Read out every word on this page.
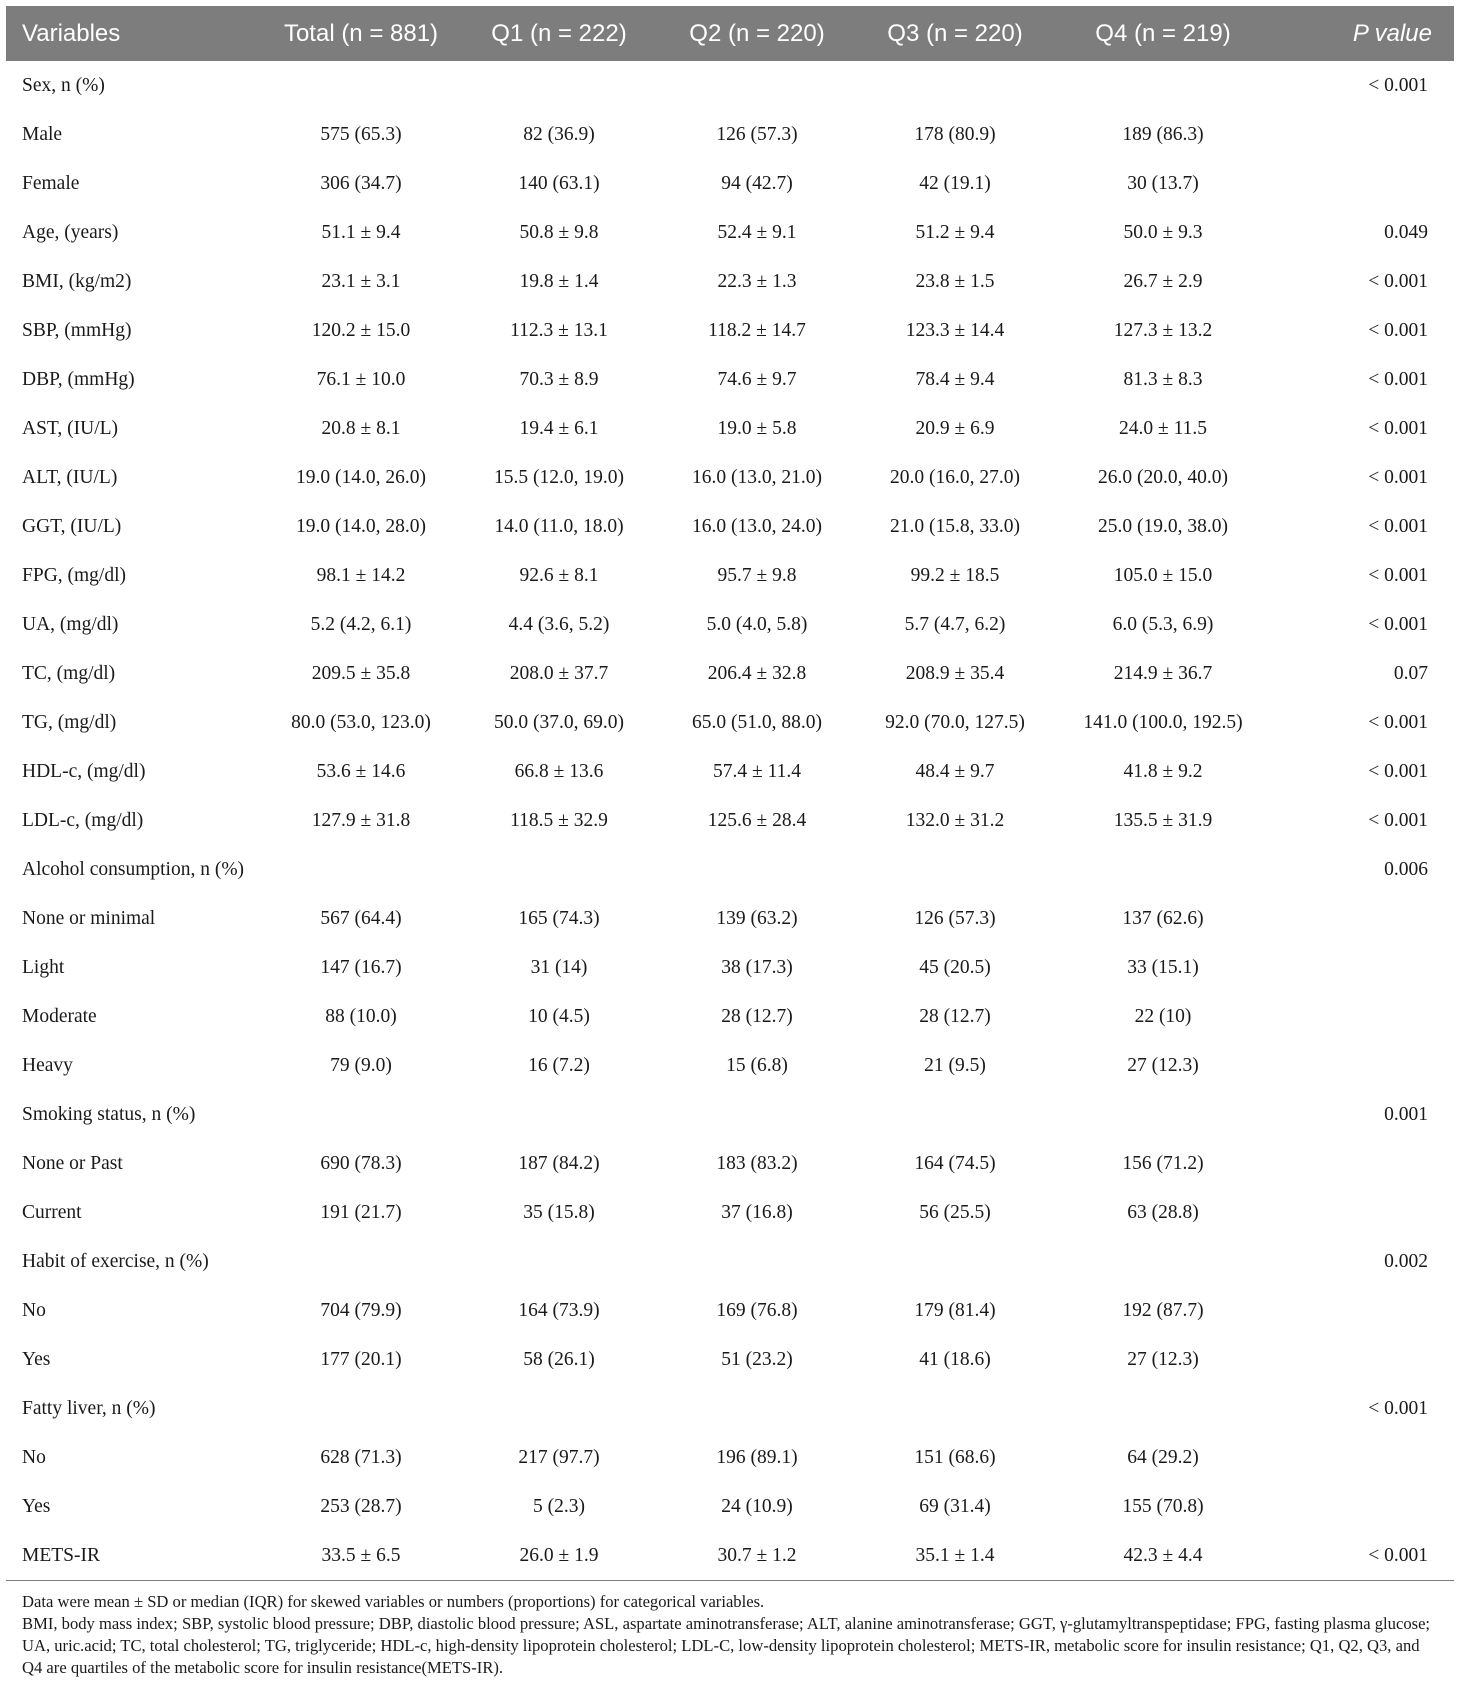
Variables	Total (n = 881)	Q1 (n = 222)	Q2 (n = 220)	Q3 (n = 220)	Q4 (n = 219)	P value
Sex, n (%)						< 0.001
Male	575 (65.3)	82 (36.9)	126 (57.3)	178 (80.9)	189 (86.3)	
Female	306 (34.7)	140 (63.1)	94 (42.7)	42 (19.1)	30 (13.7)	
Age, (years)	51.1 ± 9.4	50.8 ± 9.8	52.4 ± 9.1	51.2 ± 9.4	50.0 ± 9.3	0.049
BMI, (kg/m2)	23.1 ± 3.1	19.8 ± 1.4	22.3 ± 1.3	23.8 ± 1.5	26.7 ± 2.9	< 0.001
SBP, (mmHg)	120.2 ± 15.0	112.3 ± 13.1	118.2 ± 14.7	123.3 ± 14.4	127.3 ± 13.2	< 0.001
DBP, (mmHg)	76.1 ± 10.0	70.3 ± 8.9	74.6 ± 9.7	78.4 ± 9.4	81.3 ± 8.3	< 0.001
AST, (IU/L)	20.8 ± 8.1	19.4 ± 6.1	19.0 ± 5.8	20.9 ± 6.9	24.0 ± 11.5	< 0.001
ALT, (IU/L)	19.0 (14.0, 26.0)	15.5 (12.0, 19.0)	16.0 (13.0, 21.0)	20.0 (16.0, 27.0)	26.0 (20.0, 40.0)	< 0.001
GGT, (IU/L)	19.0 (14.0, 28.0)	14.0 (11.0, 18.0)	16.0 (13.0, 24.0)	21.0 (15.8, 33.0)	25.0 (19.0, 38.0)	< 0.001
FPG, (mg/dl)	98.1 ± 14.2	92.6 ± 8.1	95.7 ± 9.8	99.2 ± 18.5	105.0 ± 15.0	< 0.001
UA, (mg/dl)	5.2 (4.2, 6.1)	4.4 (3.6, 5.2)	5.0 (4.0, 5.8)	5.7 (4.7, 6.2)	6.0 (5.3, 6.9)	< 0.001
TC, (mg/dl)	209.5 ± 35.8	208.0 ± 37.7	206.4 ± 32.8	208.9 ± 35.4	214.9 ± 36.7	0.07
TG, (mg/dl)	80.0 (53.0, 123.0)	50.0 (37.0, 69.0)	65.0 (51.0, 88.0)	92.0 (70.0, 127.5)	141.0 (100.0, 192.5)	< 0.001
HDL-c, (mg/dl)	53.6 ± 14.6	66.8 ± 13.6	57.4 ± 11.4	48.4 ± 9.7	41.8 ± 9.2	< 0.001
LDL-c, (mg/dl)	127.9 ± 31.8	118.5 ± 32.9	125.6 ± 28.4	132.0 ± 31.2	135.5 ± 31.9	< 0.001
Alcohol consumption, n (%)						0.006
None or minimal	567 (64.4)	165 (74.3)	139 (63.2)	126 (57.3)	137 (62.6)	
Light	147 (16.7)	31 (14)	38 (17.3)	45 (20.5)	33 (15.1)	
Moderate	88 (10.0)	10 (4.5)	28 (12.7)	28 (12.7)	22 (10)	
Heavy	79 (9.0)	16 (7.2)	15 (6.8)	21 (9.5)	27 (12.3)	
Smoking status, n (%)						0.001
None or Past	690 (78.3)	187 (84.2)	183 (83.2)	164 (74.5)	156 (71.2)	
Current	191 (21.7)	35 (15.8)	37 (16.8)	56 (25.5)	63 (28.8)	
Habit of exercise, n (%)						0.002
No	704 (79.9)	164 (73.9)	169 (76.8)	179 (81.4)	192 (87.7)	
Yes	177 (20.1)	58 (26.1)	51 (23.2)	41 (18.6)	27 (12.3)	
Fatty liver, n (%)						< 0.001
No	628 (71.3)	217 (97.7)	196 (89.1)	151 (68.6)	64 (29.2)	
Yes	253 (28.7)	5 (2.3)	24 (10.9)	69 (31.4)	155 (70.8)	
METS-IR	33.5 ± 6.5	26.0 ± 1.9	30.7 ± 1.2	35.1 ± 1.4	42.3 ± 4.4	< 0.001

Data were mean ± SD or median (IQR) for skewed variables or numbers (proportions) for categorical variables.

BMI, body mass index; SBP, systolic blood pressure; DBP, diastolic blood pressure; ASL, aspartate aminotransferase; ALT, alanine aminotransferase; GGT, γ-glutamyltranspeptidase; FPG, fasting plasma glucose; UA, uric.acid; TC, total cholesterol; TG, triglyceride; HDL-c, high-density lipoprotein cholesterol; LDL-C, low-density lipoprotein cholesterol; METS-IR, metabolic score for insulin resistance; Q1, Q2, Q3, and Q4 are quartiles of the metabolic score for insulin resistance(METS-IR).
